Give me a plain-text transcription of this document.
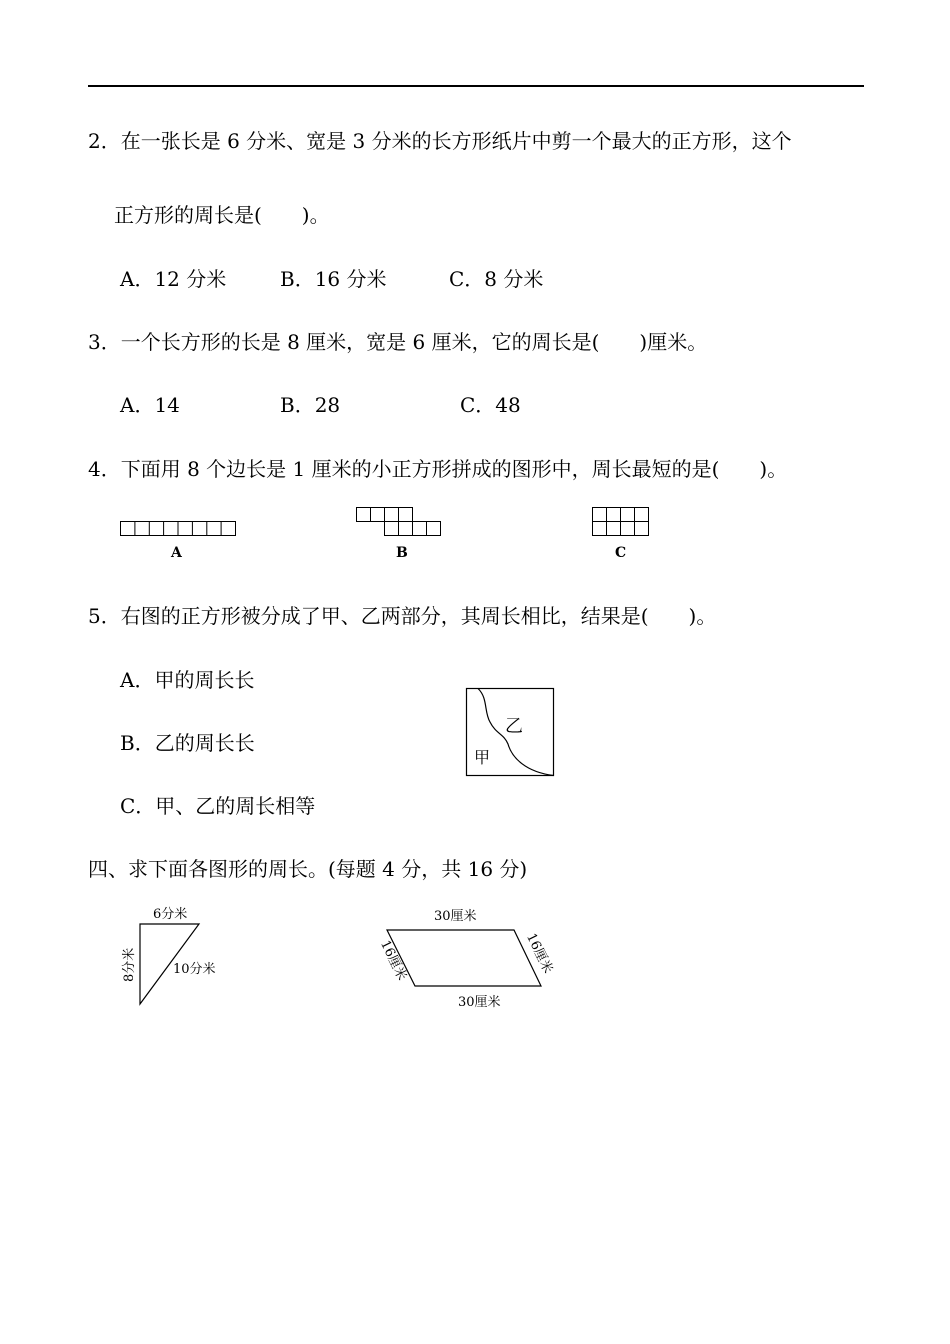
2．在一张长是 6 分米、宽是 3 分米的长方形纸片中剪一个最大的正方形，这个
正方形的周长是(　　)。
A．12 分米	B．16 分米	C．8 分米
3．一个长方形的长是 8 厘米，宽是 6 厘米，它的周长是(　　)厘米。
A．14	B．28	C．48
4．下面用 8 个边长是 1 厘米的小正方形拼成的图形中，周长最短的是(　　)。
A	B	C
5．右图的正方形被分成了甲、乙两部分，其周长相比，结果是(　　)。
A．甲的周长长
B．乙的周长长
C．甲、乙的周长相等
乙
甲
四、求下面各图形的周长。(每题 4 分，共 16 分)
6分米
8分米	10分米
30厘米
30厘米
16厘米	16厘米
